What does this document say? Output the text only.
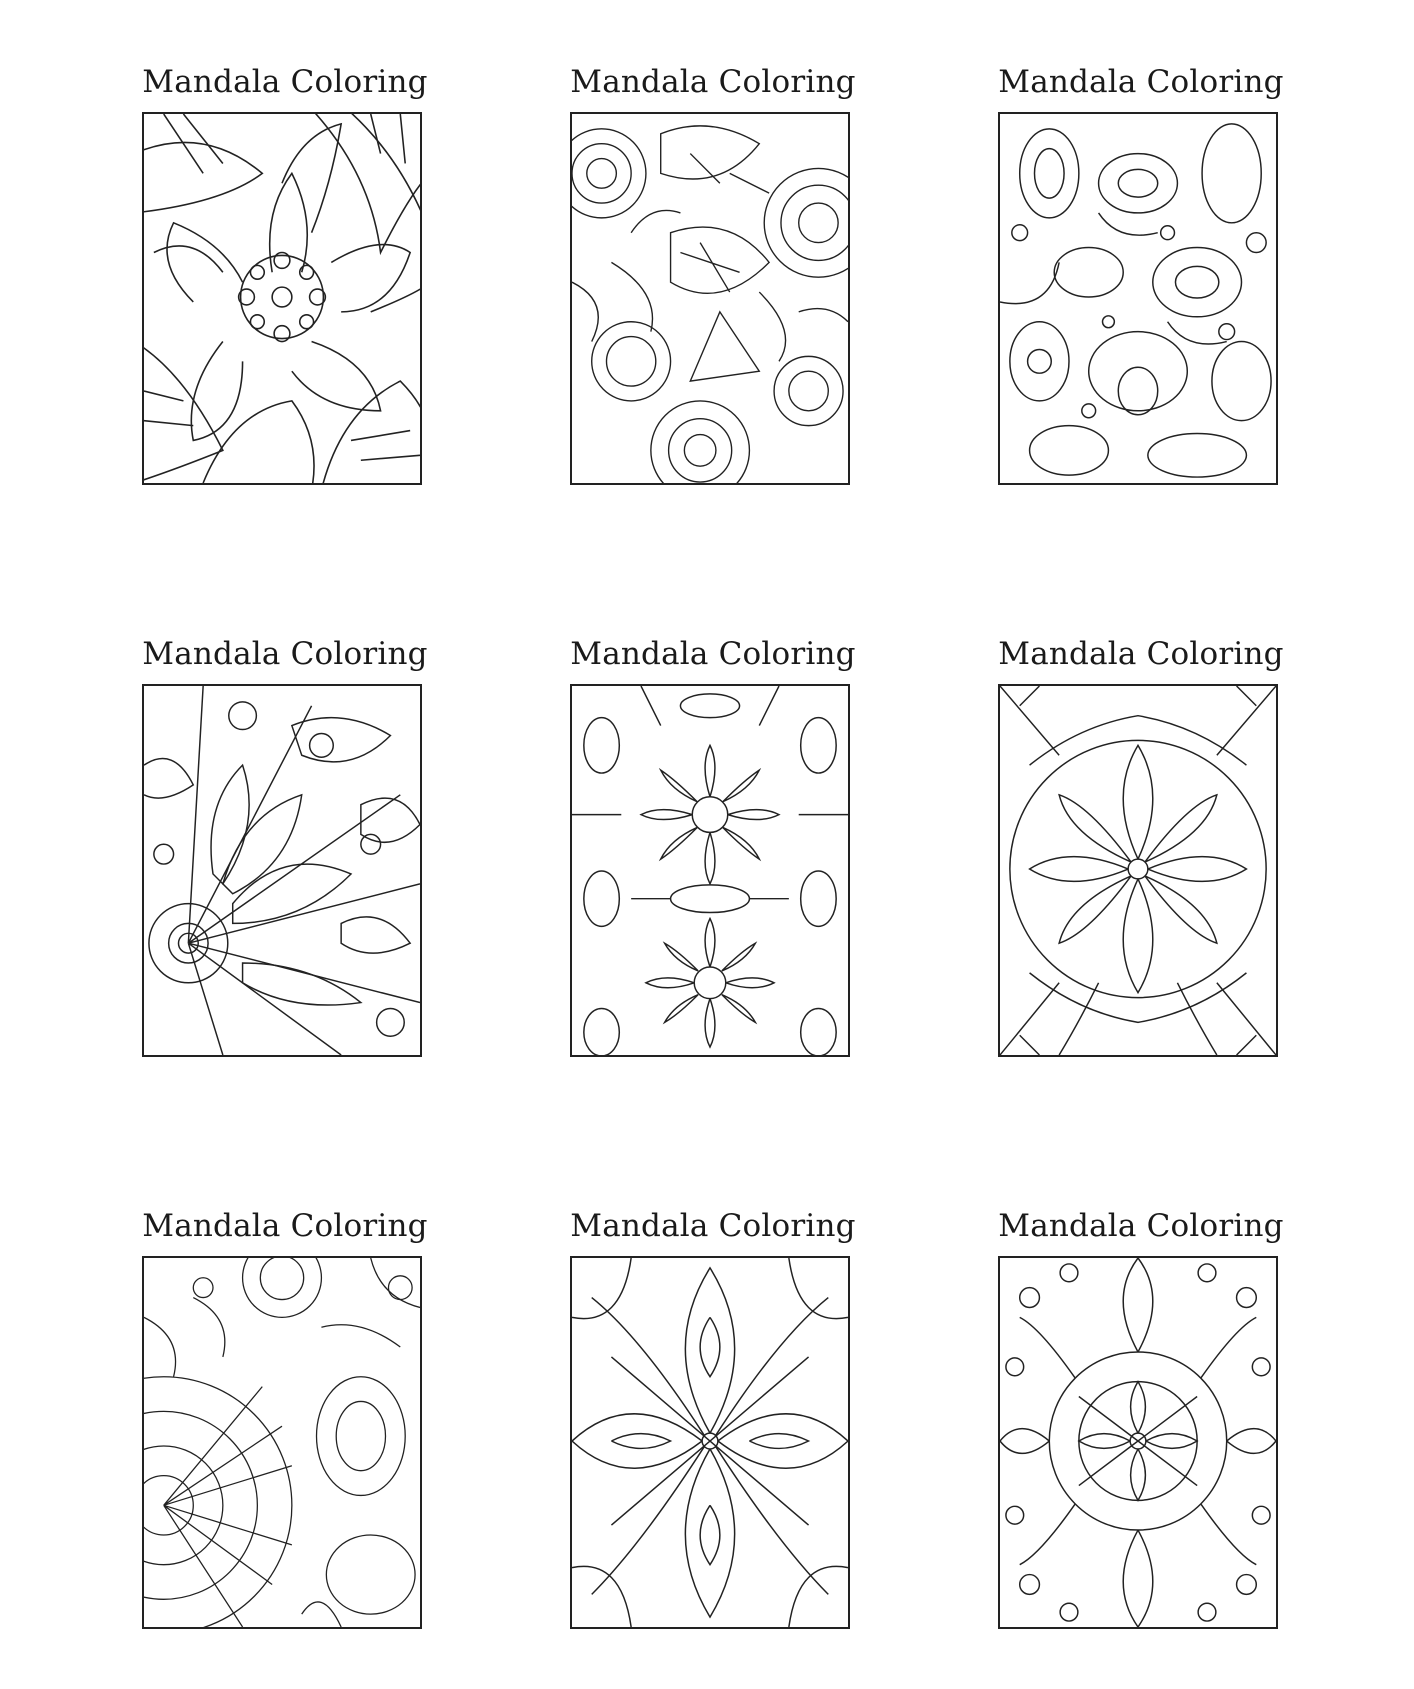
Mandala Coloring	Mandala Coloring	Mandala Coloring
Mandala Coloring	Mandala Coloring	Mandala Coloring
Mandala Coloring	Mandala Coloring	Mandala Coloring
